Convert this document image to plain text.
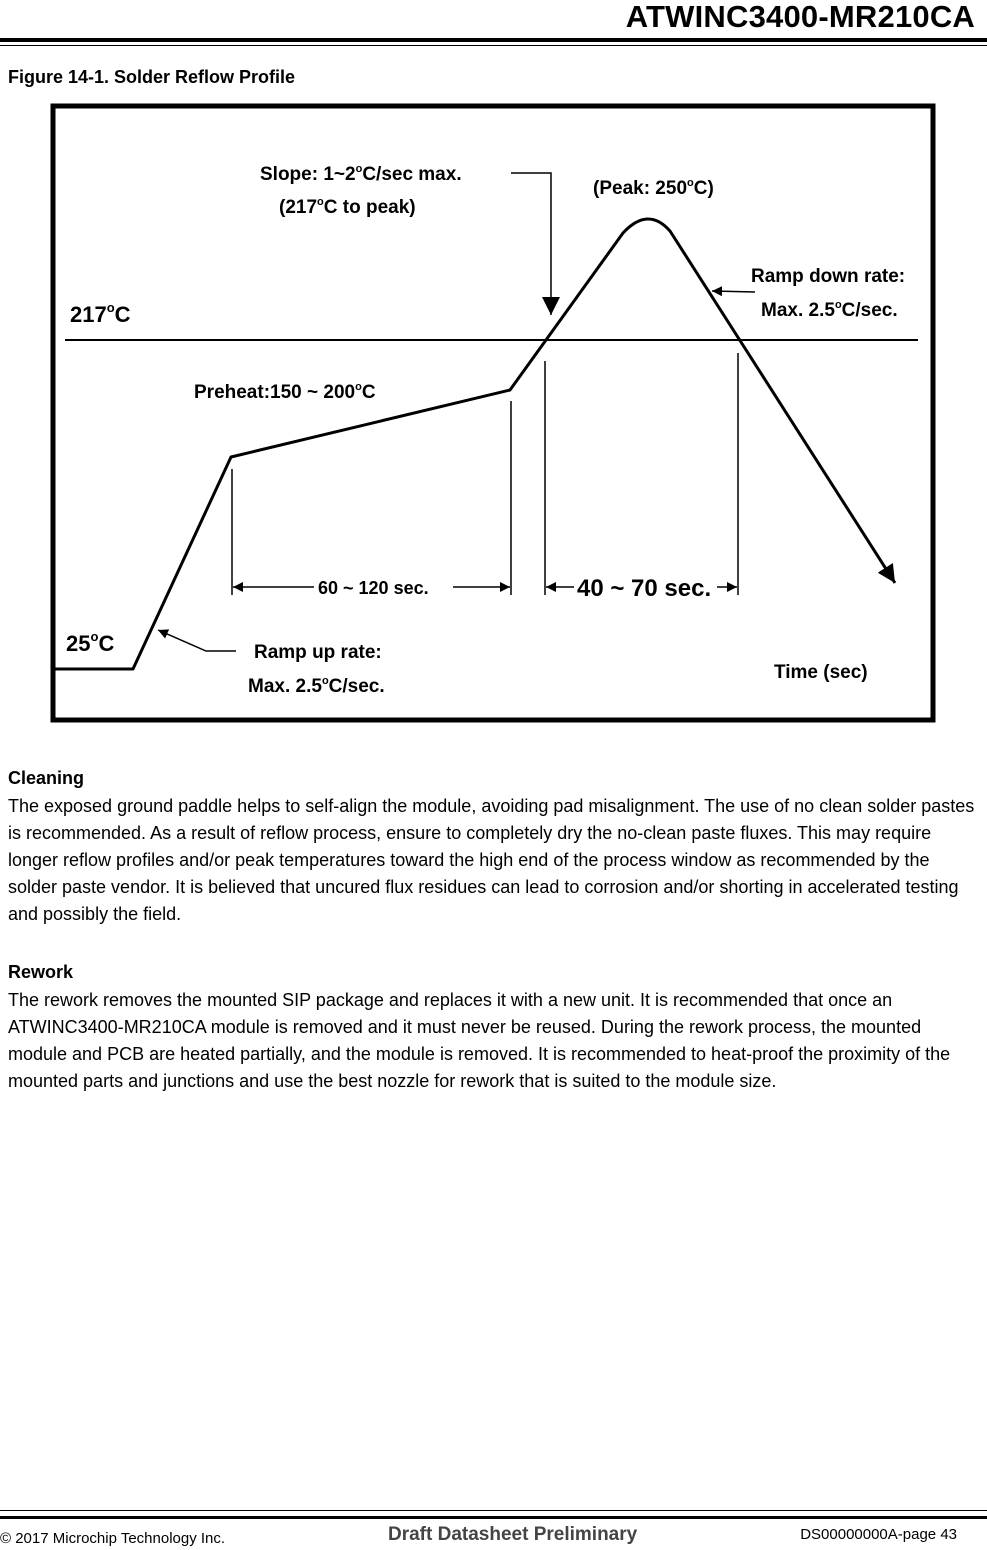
ATWINC3400-MR210CA

Figure 14-1. Solder Reflow Profile

217$^o$C
25$^o$C
Slope: 1~2$^o$C/sec max.
(217$^o$C to peak)
(Peak: 250$^o$C)
Ramp down rate:
Max. 2.5$^o$C/sec.
Preheat:150 ~ 200$^o$C
60 ~ 120 sec.	40 ~ 70 sec.
Ramp up rate:
Max. 2.5$^o$C/sec.
Time (sec)
Cleaning

The exposed ground paddle helps to self-align the module, avoiding pad misalignment. The use of no clean solder pastes is recommended. As a result of reflow process, ensure to completely dry the no-clean paste fluxes. This may require longer reflow profiles and/or peak temperatures toward the high end of the process window as recommended by the solder paste vendor. It is believed that uncured flux residues can lead to corrosion and/or shorting in accelerated testing and possibly the field.

Rework

The rework removes the mounted SIP package and replaces it with a new unit. It is recommended that once an ATWINC3400-MR210CA module is removed and it must never be reused. During the rework process, the mounted module and PCB are heated partially, and the module is removed. It is recommended to heat-proof the proximity of the mounted parts and junctions and use the best nozzle for rework that is suited to the module size.

© 2017 Microchip Technology Inc.	Draft Datasheet Preliminary	DS00000000A-page 43
